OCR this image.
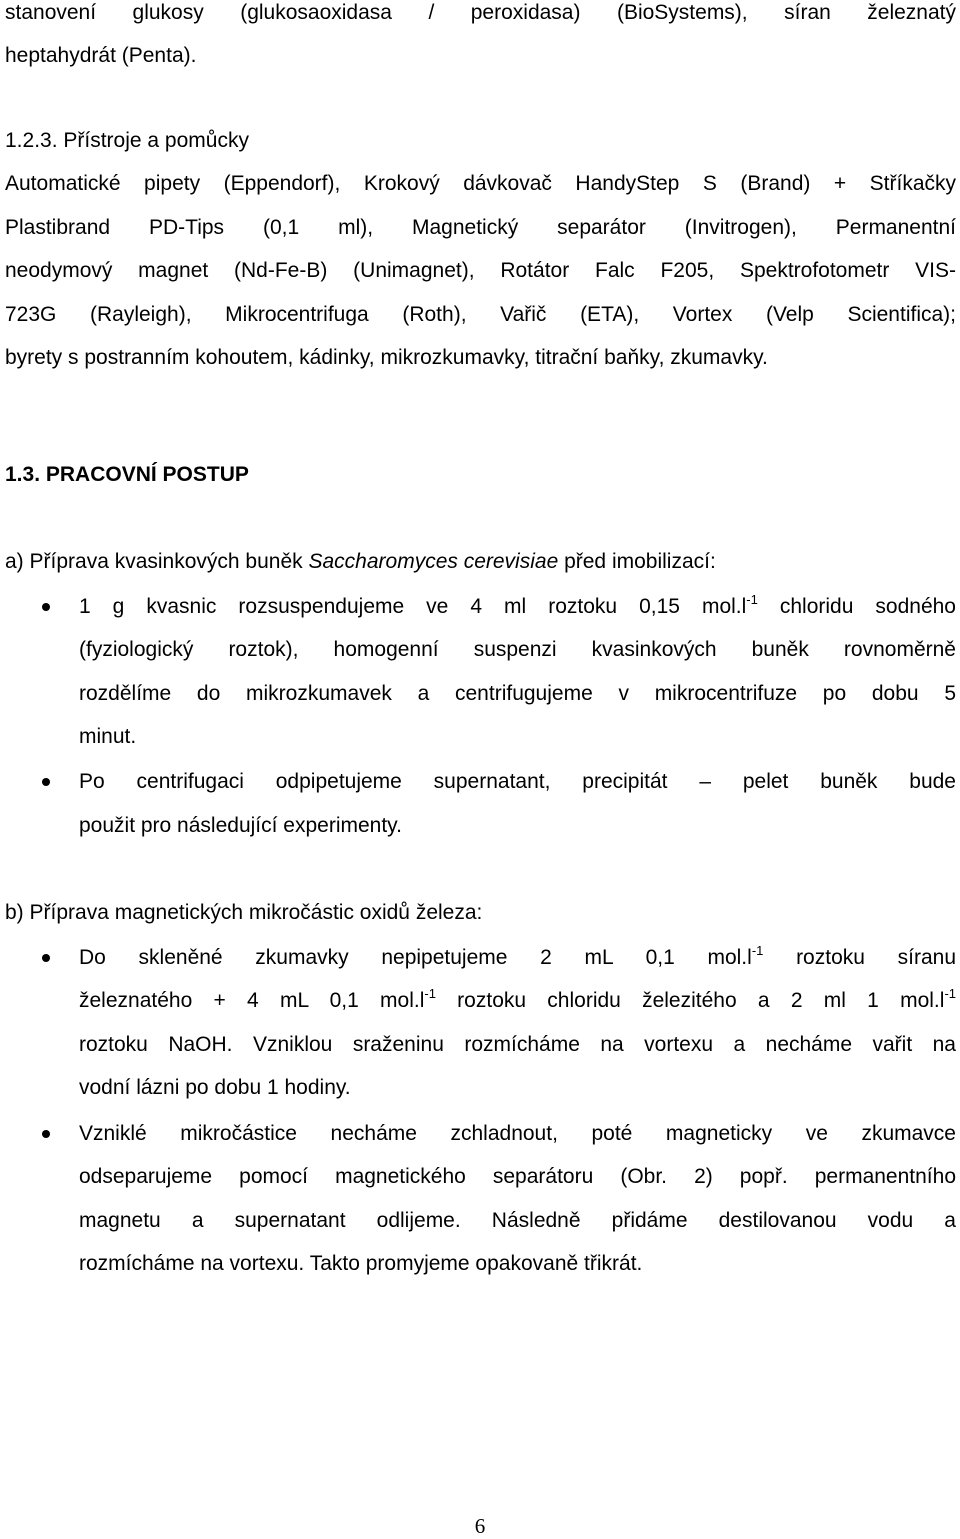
stanovení glukosy (glukosaoxidasa / peroxidasa) (BioSystems), síran železnatý
heptahydrát (Penta).
1.2.3. Přístroje a pomůcky
Automatické pipety (Eppendorf), Krokový dávkovač HandyStep S (Brand) + Stříkačky
Plastibrand PD-Tips (0,1 ml), Magnetický separátor (Invitrogen), Permanentní
neodymový magnet (Nd-Fe-B) (Unimagnet), Rotátor Falc F205, Spektrofotometr VIS-
723G (Rayleigh), Mikrocentrifuga (Roth), Vařič (ETA), Vortex (Velp Scientifica);
byrety s postranním kohoutem, kádinky, mikrozkumavky, titrační baňky, zkumavky.
1.3. PRACOVNÍ POSTUP
a) Příprava kvasinkových buněk Saccharomyces cerevisiae před imobilizací:
1 g kvasnic rozsuspendujeme ve 4 ml roztoku 0,15 $mol.l^{-1}$ chloridu sodného
(fyziologický roztok), homogenní suspenzi kvasinkových buněk rovnoměrně
rozdělíme do mikrozkumavek a centrifugujeme v mikrocentrifuze po dobu 5
minut.
Po centrifugaci odpipetujeme supernatant, precipitát – pelet buněk bude
použit pro následující experimenty.
b) Příprava magnetických mikročástic oxidů železa:
Do skleněné zkumavky nepipetujeme 2 mL 0,1 $mol.l^{-1}$ roztoku síranu
železnatého + 4 mL 0,1 $mol.l^{-1}$ roztoku chloridu železitého a 2 ml 1 $mol.l^{-1}$
roztoku NaOH. Vzniklou sraženinu rozmícháme na vortexu a necháme vařit na
vodní lázni po dobu 1 hodiny.
Vzniklé mikročástice necháme zchladnout, poté magneticky ve zkumavce
odseparujeme pomocí magnetického separátoru (Obr. 2) popř. permanentního
magnetu a supernatant odlijeme. Následně přidáme destilovanou vodu a
rozmícháme na vortexu. Takto promyjeme opakovaně třikrát.
6
